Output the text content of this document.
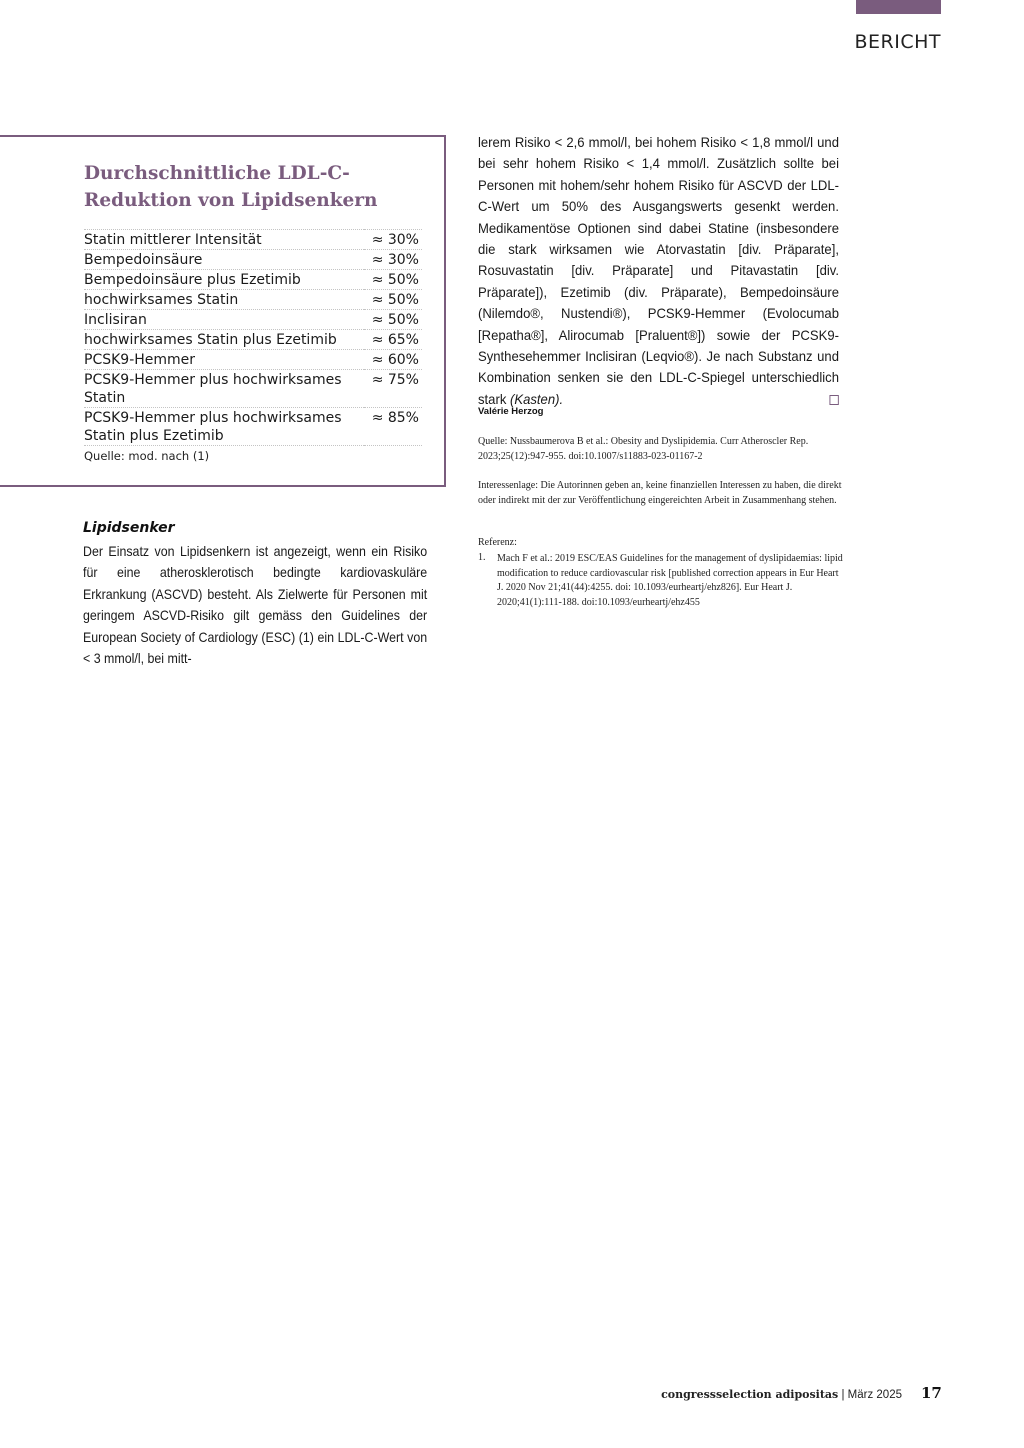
BERICHT
Durchschnittliche LDL-C-Reduktion von Lipidsenkern
Statin mittlerer Intensität	≈ 30%
Bempedoinsäure	≈ 30%
Bempedoinsäure plus Ezetimib	≈ 50%
hochwirksames Statin	≈ 50%
Inclisiran	≈ 50%
hochwirksames Statin plus Ezetimib	≈ 65%
PCSK9-Hemmer	≈ 60%
PCSK9-Hemmer plus hochwirksames Statin	≈ 75%
PCSK9-Hemmer plus hochwirksames Statin plus Ezetimib	≈ 85%
Quelle: mod. nach (1)
Lipidsenker

Der Einsatz von Lipidsenkern ist angezeigt, wenn ein Risiko für eine atherosklerotisch bedingte kardiovaskuläre Erkrankung (ASCVD) besteht. Als Zielwerte für Personen mit geringem ASCVD-Risiko gilt gemäss den Guidelines der European Society of Cardiology (ESC) (1) ein LDL-C-Wert von < 3 mmol/l, bei mitt-

lerem Risiko < 2,6 mmol/l, bei hohem Risiko < 1,8 mmol/l und bei sehr hohem Risiko < 1,4 mmol/l. Zusätzlich sollte bei Personen mit hohem/sehr hohem Risiko für ASCVD der LDL-C-Wert um 50% des Ausgangswerts gesenkt werden. Medikamentöse Optionen sind dabei Statine (insbesondere die stark wirksamen wie Atorvastatin [div. Präparate], Rosuvastatin [div. Präparate] und Pitavastatin [div. Präparate]), Ezetimib (div. Präparate), Bempedoinsäure (Nilemdo®, Nustendi®), PCSK9-Hemmer (Evolocumab [Repatha®], Alirocumab [Praluent®]) sowie der PCSK9-Synthesehemmer Inclisiran (Leqvio®). Je nach Substanz und Kombination senken sie den LDL-C-Spiegel unterschiedlich stark (Kasten).

Valérie Herzog

Quelle: Nussbaumerova B et al.: Obesity and Dyslipidemia. Curr Atheroscler Rep. 2023;25(12):947-955. doi:10.1007/s11883-023-01167-2

Interessenlage: Die Autorinnen geben an, keine finanziellen Interessen zu haben, die direkt oder indirekt mit der zur Veröffentlichung eingereichten Arbeit in Zusammenhang stehen.

Referenz:
1. Mach F et al.: 2019 ESC/EAS Guidelines for the management of dyslipidaemias: lipid modification to reduce cardiovascular risk [published correction appears in Eur Heart J. 2020 Nov 21;41(44):4255. doi: 10.1093/eurheartj/ehz826]. Eur Heart J. 2020;41(1):111-188. doi:10.1093/eurheartj/ehz455

congressselection adipositas | März 2025 17
